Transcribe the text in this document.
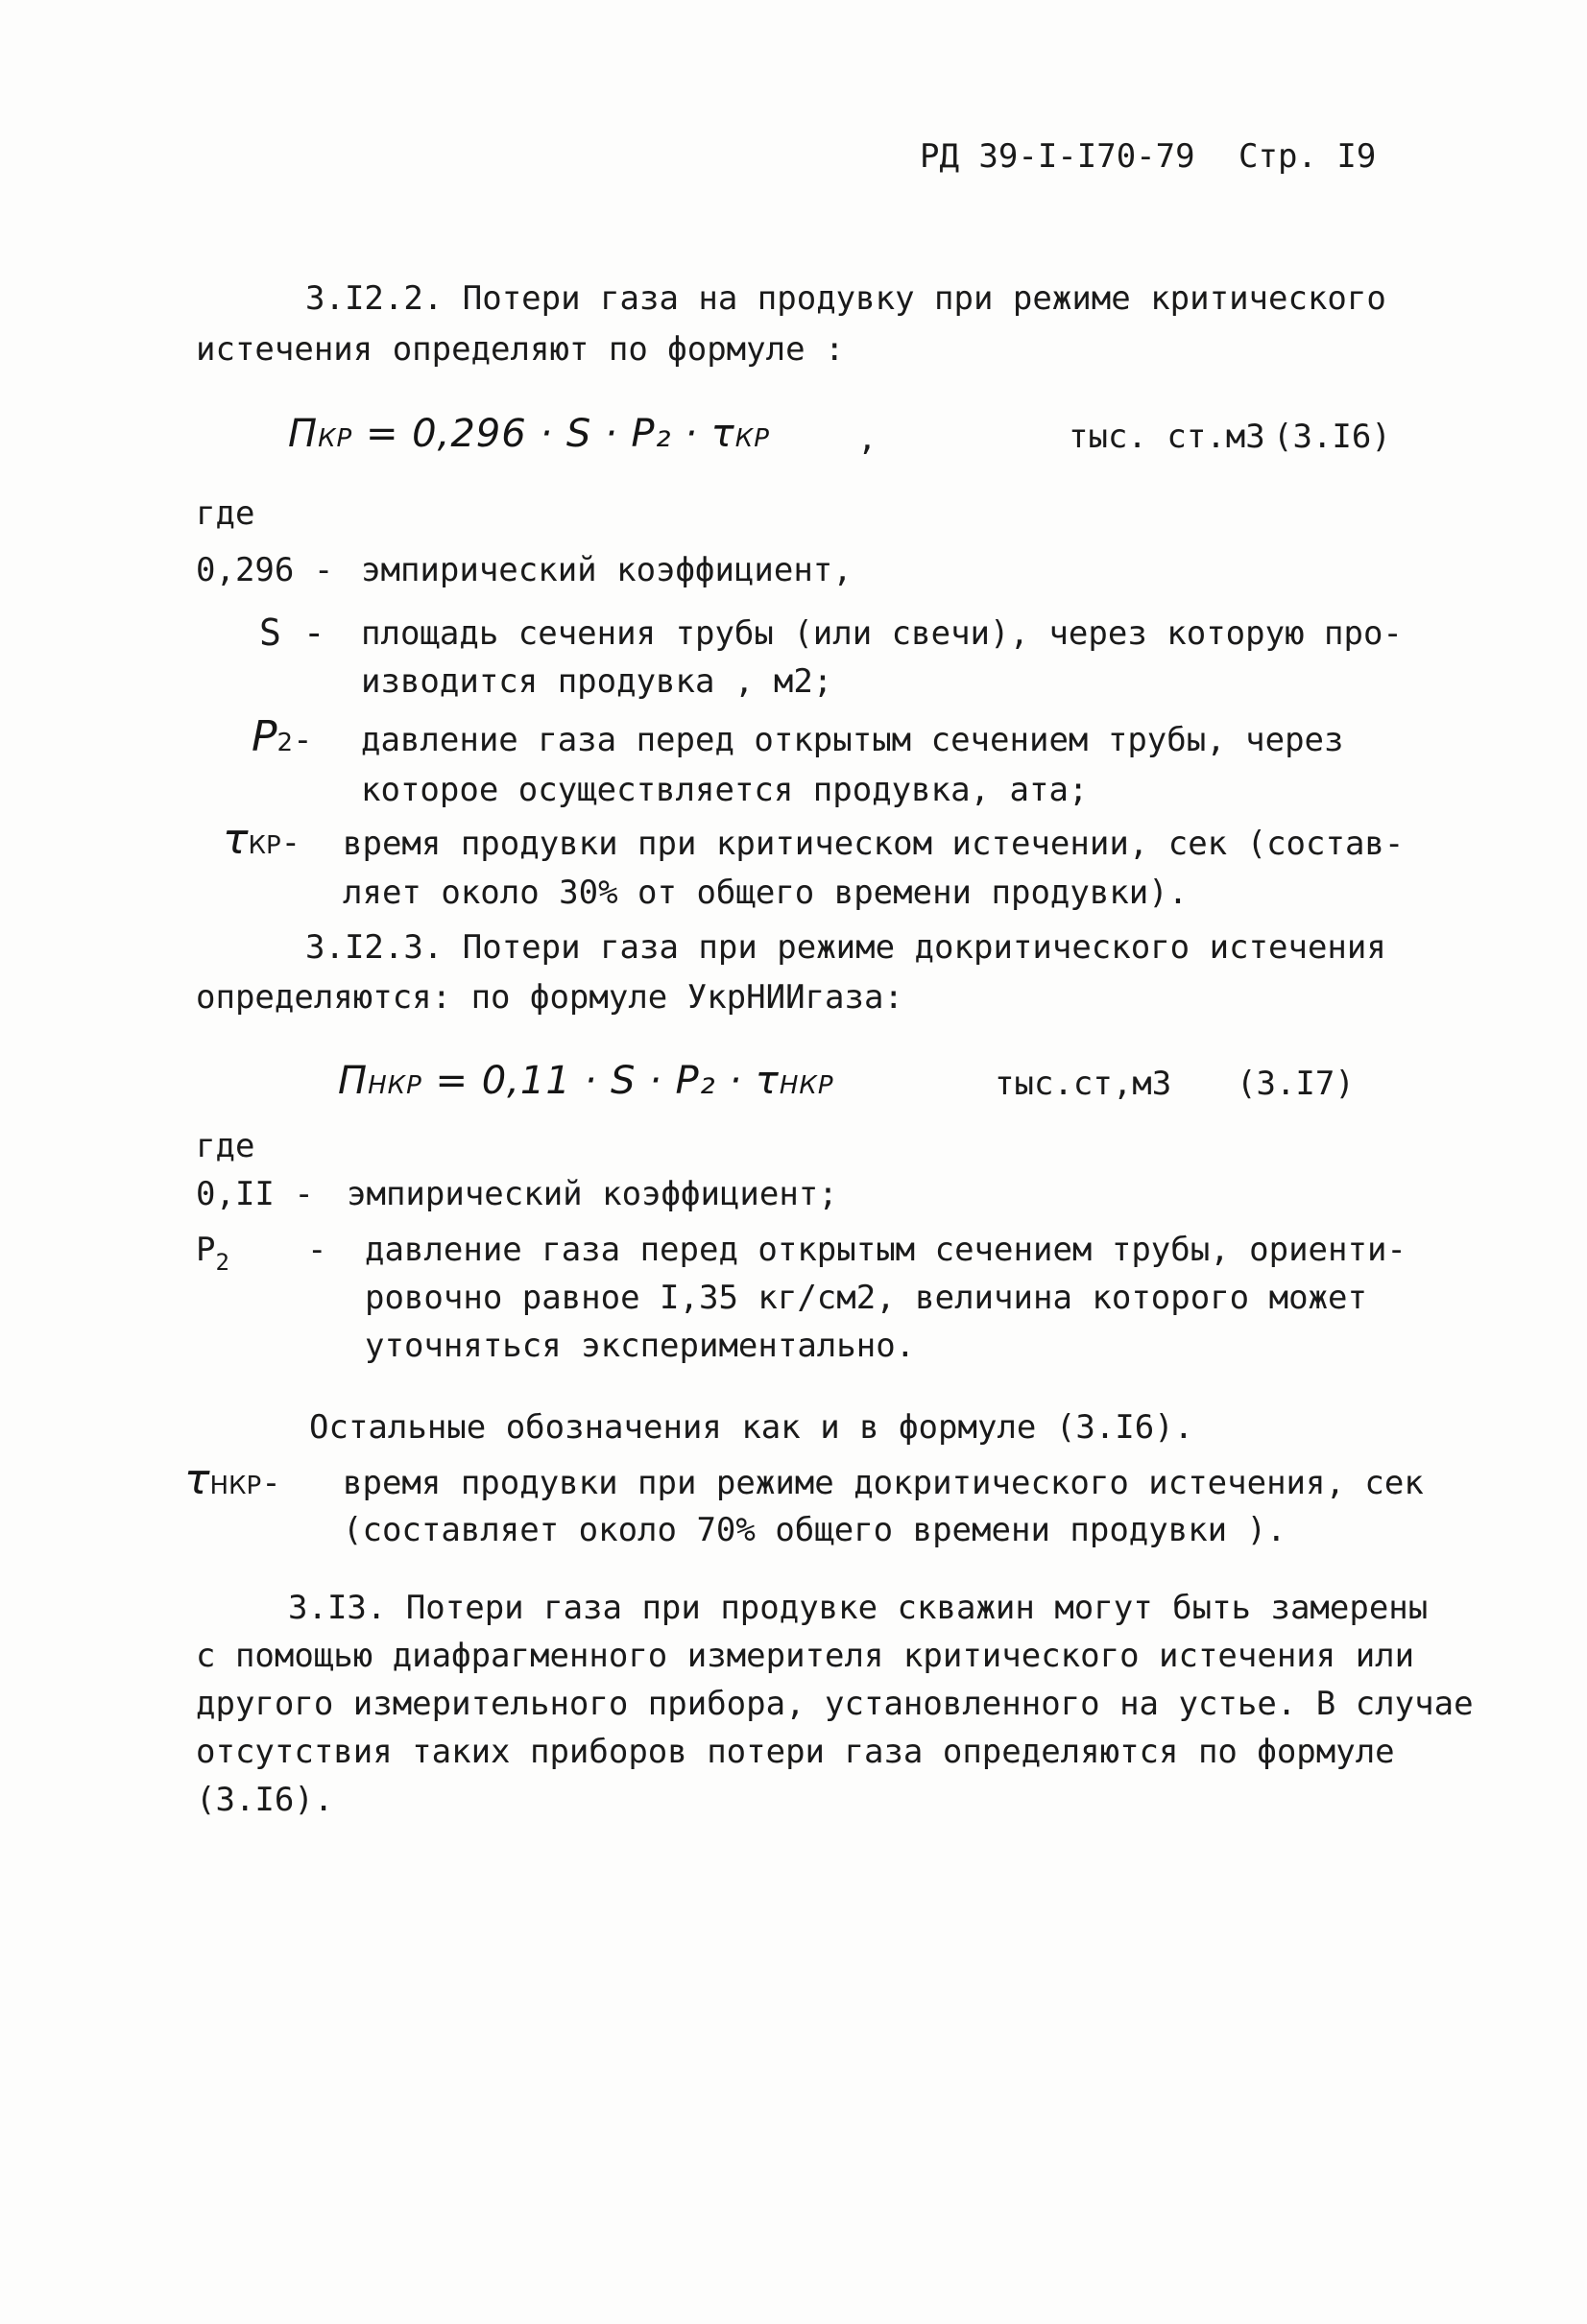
РД 39-I-I70-79 Стр. I9
3.I2.2. Потери газа на продувку при режиме критического
истечения определяют по формуле :
ПКР = 0,296 · S · P₂ · τКР	,	тыс. ст.м3 (3.I6)
где
0,296 - эмпирический коэффициент,
S - площадь сечения трубы (или свечи), через которую про-
изводится продувка , м2;
P2- давление газа перед открытым сечением трубы, через
которое осуществляется продувка, ата;
τКР- время продувки при критическом истечении, сек (состав-
ляет около 30% от общего времени продувки).
3.I2.3. Потери газа при режиме докритического истечения
определяются: по формуле УкрНИИгаза:
ПНКР = 0,11 · S · P₂ · τНКР	тыс.ст,м3 (3.I7)
где
0,II - эмпирический коэффициент;
$P_2$ - давление газа перед открытым сечением трубы, ориенти-
ровочно равное I,35 кг/см2, величина которого может
уточняться экспериментально.
Остальные обозначения как и в формуле (3.I6).
τНКР- время продувки при режиме докритического истечения, сек
(составляет около 70% общего времени продувки ).
3.I3. Потери газа при продувке скважин могут быть замерены
с помощью диафрагменного измерителя критического истечения или
другого измерительного прибора, установленного на устье. В случае
отсутствия таких приборов потери газа определяются по формуле
(3.I6).
